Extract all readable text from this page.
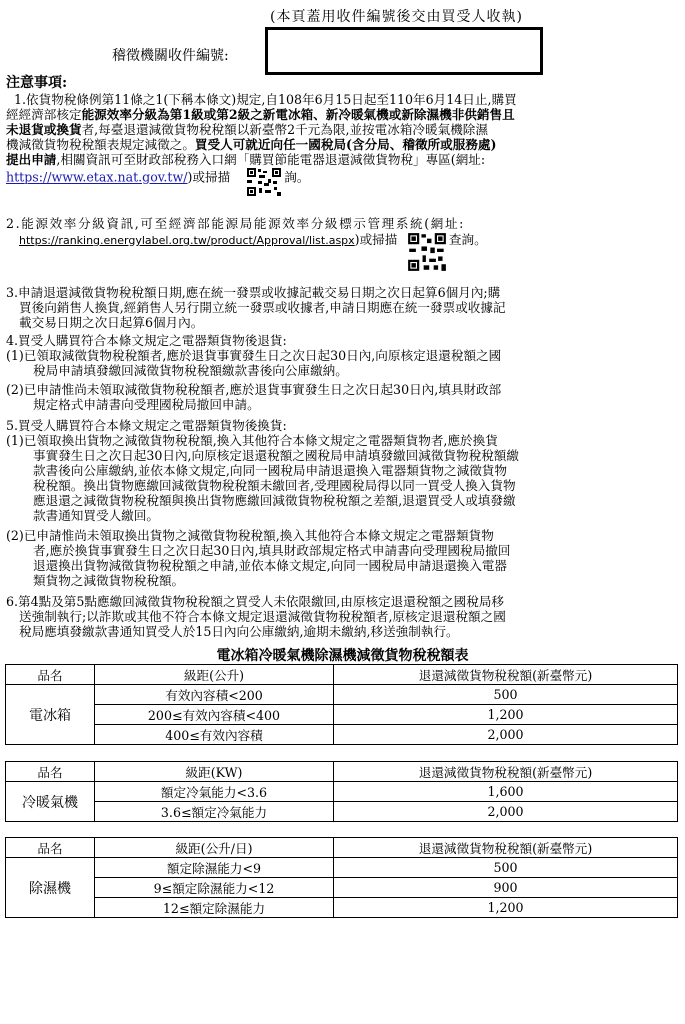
(本頁蓋用收件編號後交由買受人收執)
稽徵機關收件編號:
注意事項:
1.依貨物稅條例第11條之1(下稱本條文)規定,自108年6月15日起至110年6月14日止,購買
經經濟部核定能源效率分級為第1級或第2級之新電冰箱、新冷暖氣機或新除濕機非供銷售且
未退貨或換貨者,每臺退還減徵貨物稅稅額以新臺幣2千元為限,並按電冰箱冷暖氣機除濕
機減徵貨物稅稅額表規定減徵之。買受人可就近向任一國稅局(含分局、稽徵所或服務處)
提出申請,相關資訊可至財政部稅務入口網「購買節能電器退還減徵貨物稅」專區(網址:
https://www.etax.nat.gov.tw/)或掃描	詢。
2.能源效率分級資訊,可至經濟部能源局能源效率分級標示管理系統(網址:
https://ranking.energylabel.org.tw/product/Approval/list.aspx)或掃描	查詢。
3.申請退還減徵貨物稅稅額日期,應在統一發票或收據記載交易日期之次日起算6個月內;購
買後向銷售人換貨,經銷售人另行開立統一發票或收據者,申請日期應在統一發票或收據記
載交易日期之次日起算6個月內。
4.買受人購買符合本條文規定之電器類貨物後退貨:
(1)已領取減徵貨物稅稅額者,應於退貨事實發生日之次日起30日內,向原核定退還稅額之國
稅局申請填發繳回減徵貨物稅稅額繳款書後向公庫繳納。
(2)已申請惟尚未領取減徵貨物稅稅額者,應於退貨事實發生日之次日起30日內,填具財政部
規定格式申請書向受理國稅局撤回申請。
5.買受人購買符合本條文規定之電器類貨物後換貨:
(1)已領取換出貨物之減徵貨物稅稅額,換入其他符合本條文規定之電器類貨物者,應於換貨
事實發生日之次日起30日內,向原核定退還稅額之國稅局申請填發繳回減徵貨物稅稅額繳
款書後向公庫繳納,並依本條文規定,向同一國稅局申請退還換入電器類貨物之減徵貨物
稅稅額。換出貨物應繳回減徵貨物稅稅額未繳回者,受理國稅局得以同一買受人換入貨物
應退還之減徵貨物稅稅額與換出貨物應繳回減徵貨物稅稅額之差額,退還買受人或填發繳
款書通知買受人繳回。
(2)已申請惟尚未領取換出貨物之減徵貨物稅稅額,換入其他符合本條文規定之電器類貨物
者,應於換貨事實發生日之次日起30日內,填具財政部規定格式申請書向受理國稅局撤回
退還換出貨物減徵貨物稅稅額之申請,並依本條文規定,向同一國稅局申請退還換入電器
類貨物之減徵貨物稅稅額。
6.第4點及第5點應繳回減徵貨物稅稅額之買受人未依限繳回,由原核定退還稅額之國稅局移
送強制執行;以詐欺或其他不符合本條文規定退還減徵貨物稅稅額者,原核定退還稅額之國
稅局應填發繳款書通知買受人於15日內向公庫繳納,逾期未繳納,移送強制執行。
電冰箱冷暖氣機除濕機減徵貨物稅稅額表
品名	級距(公升)	退還減徵貨物稅稅額(新臺幣元)
電冰箱	有效內容積<200	500
	200≤有效內容積<400	1,200
	400≤有效內容積	2,000
品名	級距(KW)	退還減徵貨物稅稅額(新臺幣元)
冷暖氣機	額定冷氣能力<3.6	1,600
	3.6≤額定冷氣能力	2,000
品名	級距(公升/日)	退還減徵貨物稅稅額(新臺幣元)
除濕機	額定除濕能力<9	500
	9≤額定除濕能力<12	900
	12≤額定除濕能力	1,200
